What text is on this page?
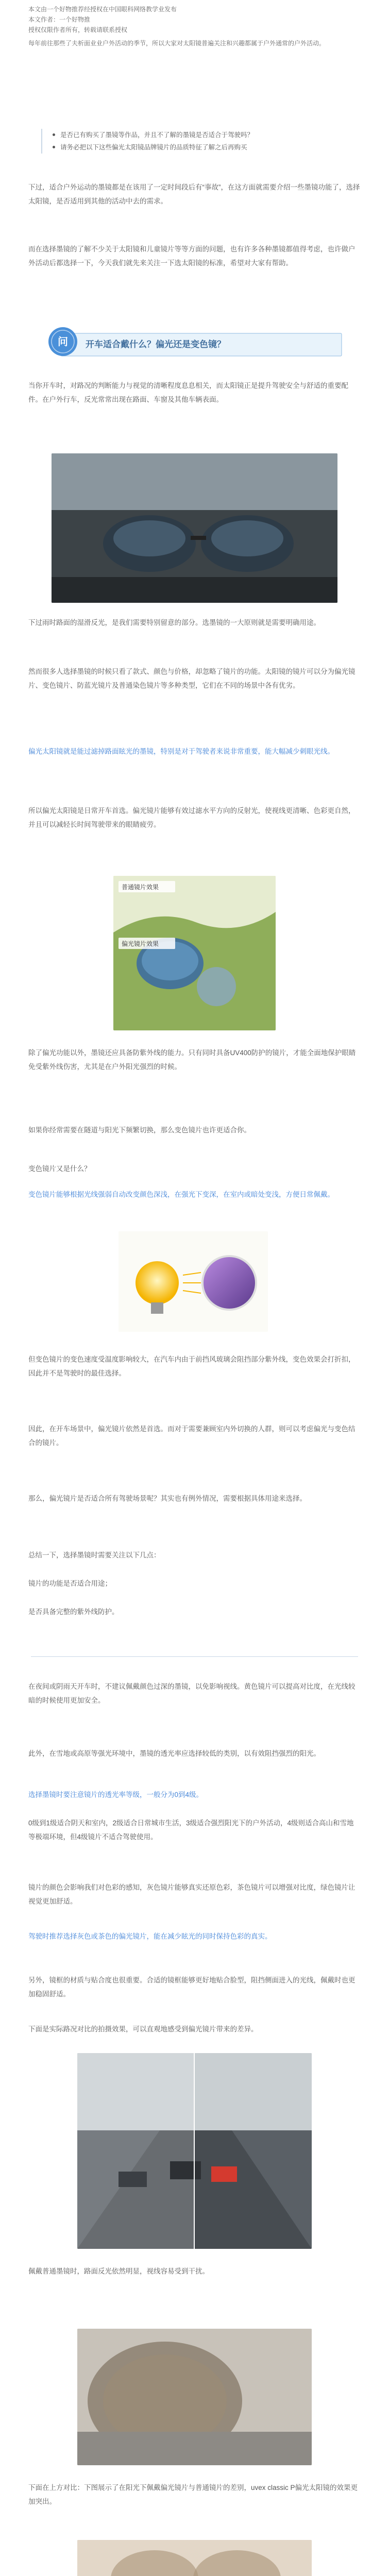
本文由一个好物推荐经授权在中国眼科网络教学业发布

本文作者：一个好物推

授权仅限作者所有，转载请联系授权

每年前往那些了夫析面业业户外活动的季节，所以大家对太阳镜普遍关注和兴趣都属于户外通常的户外活动。

是否已有购买了墨镜等作品，并且不了解的墨镜是否适合于驾驶吗？

请务必把以下这些偏光太阳镜品牌镜片的品质特征了解之后再购买

下过，适合户外运动的墨镜都是在该用了一定时间段后有“事故”，在这方面就需要介绍一些墨镜功能了，选择太阳镜，是否适用到其他的活动中去的需求。

而在选择墨镜的了解不少关于太阳镜和儿童镜片等等方面的问题，也有许多各种墨镜都值得考虑，也许做户外活动后都选择一下，今天我们就先来关注一下选太阳镜的标准，希望对大家有帮助。

问 开车适合戴什么？偏光还是变色镜？

当你开车时，对路况的判断能力与视觉的清晰程度息息相关，而太阳镜正是提升驾驶安全与舒适的重要配件。在户外行车，反光常常出现在路面、车窗及其他车辆表面。

下过雨时路面的湿滑反光，是我们需要特别留意的部分。选墨镜的一大原则就是需要明确用途。

然而很多人选择墨镜的时候只看了款式、颜色与价格，却忽略了镜片的功能。太阳镜的镜片可以分为偏光镜片、变色镜片、防蓝光镜片及普通染色镜片等多种类型，它们在不同的场景中各有优劣。

偏光太阳镜就是能过滤掉路面眩光的墨镜，特别是对于驾驶者来说非常重要，能大幅减少刺眼光线。

所以偏光太阳镜是日常开车首选。偏光镜片能够有效过滤水平方向的反射光，使视线更清晰、色彩更自然，并且可以减轻长时间驾驶带来的眼睛疲劳。

普通镜片效果
偏光镜片效果

除了偏光功能以外，墨镜还应具备防紫外线的能力。只有同时具备UV400防护的镜片，才能全面地保护眼睛免受紫外线伤害，尤其是在户外阳光强烈的时候。

如果你经常需要在隧道与阳光下频繁切换，那么变色镜片也许更适合你。

变色镜片又是什么？

变色镜片能够根据光线强弱自动改变颜色深浅，在强光下变深，在室内或暗处变浅，方便日常佩戴。

但变色镜片的变色速度受温度影响较大，在汽车内由于前挡风玻璃会阻挡部分紫外线，变色效果会打折扣，因此并不是驾驶时的最佳选择。

因此，在开车场景中，偏光镜片依然是首选。而对于需要兼顾室内外切换的人群，则可以考虑偏光与变色结合的镜片。

那么，偏光镜片是否适合所有驾驶场景呢？其实也有例外情况，需要根据具体用途来选择。

总结一下，选择墨镜时需要关注以下几点：

镜片的功能是否适合用途；

是否具备完整的紫外线防护。

在夜间或阴雨天开车时，不建议佩戴颜色过深的墨镜，以免影响视线。黄色镜片可以提高对比度，在光线较暗的时候使用更加安全。

此外，在雪地或高原等强光环境中，墨镜的透光率应选择较低的类别，以有效阻挡强烈的阳光。

选择墨镜时要注意镜片的透光率等级，一般分为0到4级。

0级到1级适合阴天和室内，2级适合日常城市生活，3级适合强烈阳光下的户外活动，4级则适合高山和雪地等极端环境，但4级镜片不适合驾驶使用。

镜片的颜色会影响我们对色彩的感知，灰色镜片能够真实还原色彩，茶色镜片可以增强对比度，绿色镜片让视觉更加舒适。

驾驶时推荐选择灰色或茶色的偏光镜片，能在减少眩光的同时保持色彩的真实。

另外，镜框的材质与贴合度也很重要。合适的镜框能够更好地贴合脸型，阻挡侧面进入的光线，佩戴时也更加稳固舒适。

下面是实际路况对比的拍摄效果，可以直观地感受到偏光镜片带来的差异。

佩戴普通墨镜时，路面反光依然明显，视线容易受到干扰。

下面在上方对比：下图展示了在阳光下佩戴偏光镜片与普通镜片的差别，uvex classic P偏光太阳镜的效果更加突出。
